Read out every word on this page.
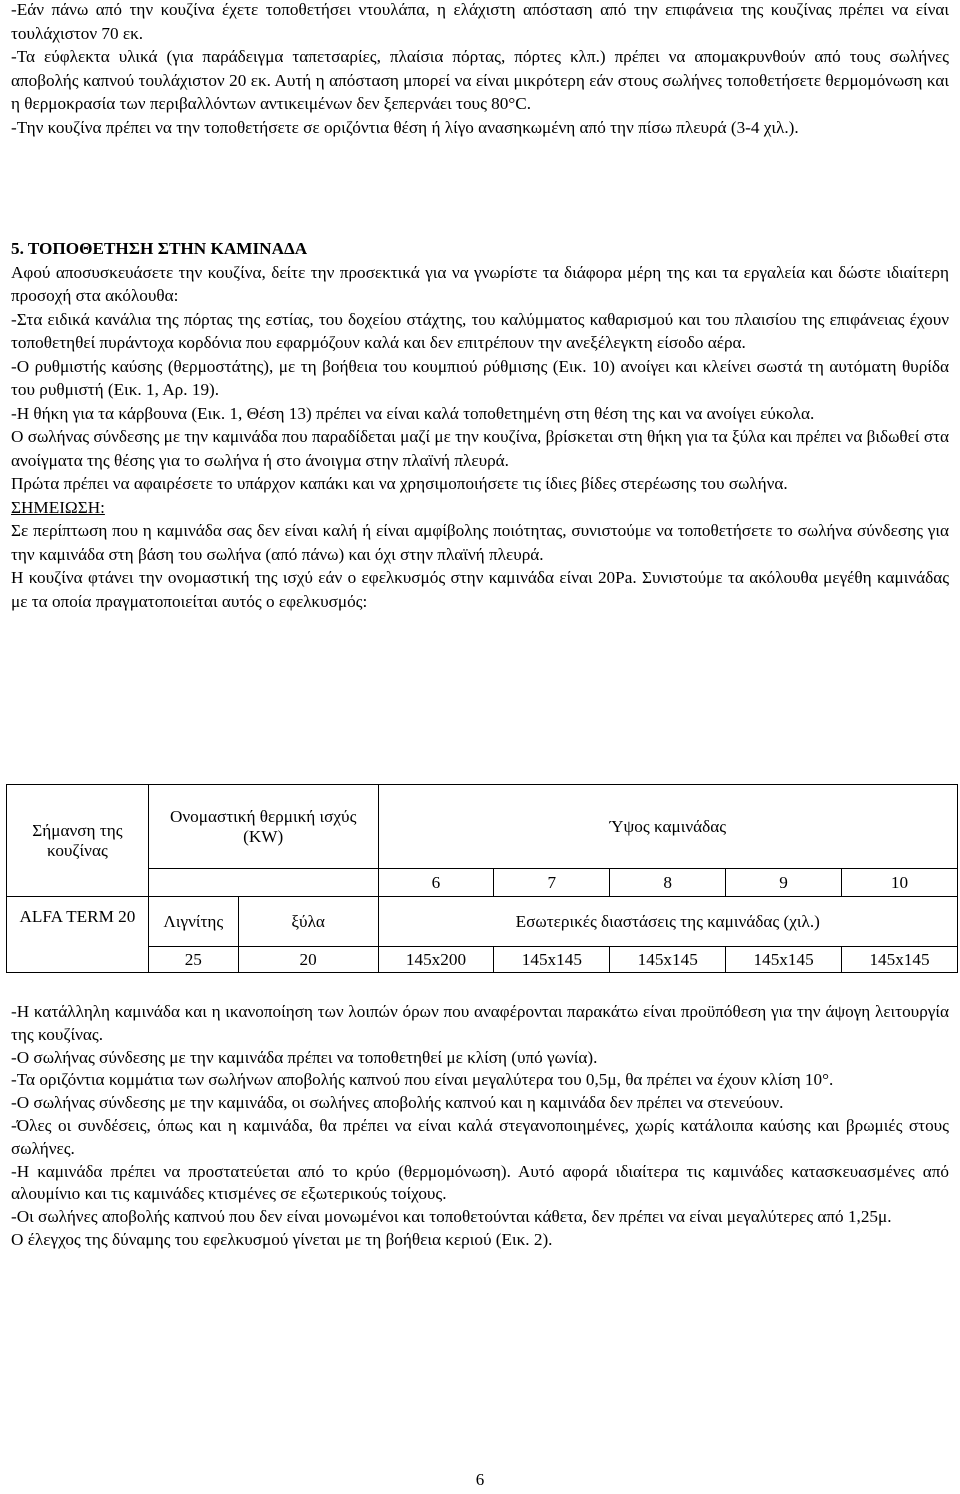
-Εάν πάνω από την κουζίνα έχετε τοποθετήσει ντουλάπα, η ελάχιστη απόσταση από την επιφάνεια της κουζίνας πρέπει να είναι τουλάχιστον 70 εκ.

-Τα εύφλεκτα υλικά (για παράδειγμα ταπετσαρίες, πλαίσια πόρτας, πόρτες κλπ.) πρέπει να απομακρυνθούν από τους σωλήνες αποβολής καπνού τουλάχιστον 20 εκ. Αυτή η απόσταση μπορεί να είναι μικρότερη εάν στους σωλήνες τοποθετήσετε θερμομόνωση και η θερμοκρασία των περιβαλλόντων αντικειμένων δεν ξεπερνάει τους 80°C.

-Την κουζίνα πρέπει να την τοποθετήσετε σε οριζόντια θέση ή λίγο ανασηκωμένη από την πίσω πλευρά (3-4 χιλ.).

5. ΤΟΠΟΘΕΤΗΣΗ ΣΤΗΝ ΚΑΜΙΝΑΔΑ

Αφού αποσυσκευάσετε την κουζίνα, δείτε την προσεκτικά για να γνωρίστε τα διάφορα μέρη της και τα εργαλεία και δώστε ιδιαίτερη προσοχή στα ακόλουθα:

-Στα ειδικά κανάλια της πόρτας της εστίας, του δοχείου στάχτης, του καλύμματος καθαρισμού και του πλαισίου της επιφάνειας έχουν τοποθετηθεί πυράντοχα κορδόνια που εφαρμόζουν καλά και δεν επιτρέπουν την ανεξέλεγκτη είσοδο αέρα.

-Ο ρυθμιστής καύσης (θερμοστάτης), με τη βοήθεια του κουμπιού ρύθμισης (Εικ. 10) ανοίγει και κλείνει σωστά τη αυτόματη θυρίδα του ρυθμιστή (Εικ. 1, Αρ. 19).

-Η θήκη για τα κάρβουνα (Εικ. 1, Θέση 13) πρέπει να είναι καλά τοποθετημένη στη θέση της και να ανοίγει εύκολα.

Ο σωλήνας σύνδεσης με την καμινάδα που παραδίδεται μαζί με την κουζίνα, βρίσκεται στη θήκη για τα ξύλα και πρέπει να βιδωθεί στα ανοίγματα της θέσης για το σωλήνα ή στο άνοιγμα στην πλαϊνή πλευρά.

Πρώτα πρέπει να αφαιρέσετε το υπάρχον καπάκι και να χρησιμοποιήσετε τις ίδιες βίδες στερέωσης του σωλήνα.

ΣΗΜΕΙΩΣΗ:

Σε περίπτωση που η καμινάδα σας δεν είναι καλή ή είναι αμφίβολης ποιότητας, συνιστούμε να τοποθετήσετε το σωλήνα σύνδεσης για την καμινάδα στη βάση του σωλήνα (από πάνω) και όχι στην πλαϊνή πλευρά.

Η κουζίνα φτάνει την ονομαστική της ισχύ εάν ο εφελκυσμός στην καμινάδα είναι 20Pa. Συνιστούμε τα ακόλουθα μεγέθη καμινάδας με τα οποία πραγματοποιείται αυτός ο εφελκυσμός:

Σήμανση της κουζίνας	Ονομαστική θερμική ισχύς (KW)		Ύψος καμινάδας				
			6	7	8	9	10
ALFA TERM 20	Λιγνίτης	ξύλα	Εσωτερικές διαστάσεις της καμινάδας (χιλ.)				
	25	20	145x200	145x145	145x145	145x145	145x145

-Η κατάλληλη καμινάδα και η ικανοποίηση των λοιπών όρων που αναφέρονται παρακάτω είναι προϋπόθεση για την άψογη λειτουργία της κουζίνας.

-Ο σωλήνας σύνδεσης με την καμινάδα πρέπει να τοποθετηθεί με κλίση (υπό γωνία).

-Τα οριζόντια κομμάτια των σωλήνων αποβολής καπνού που είναι μεγαλύτερα του 0,5μ, θα πρέπει να έχουν κλίση 10°.

-Ο σωλήνας σύνδεσης με την καμινάδα, οι σωλήνες αποβολής καπνού και η καμινάδα δεν πρέπει να στενεύουν.

-Όλες οι συνδέσεις, όπως και η καμινάδα, θα πρέπει να είναι καλά στεγανοποιημένες, χωρίς κατάλοιπα καύσης και βρωμιές στους σωλήνες.

-Η καμινάδα πρέπει να προστατεύεται από το κρύο (θερμομόνωση). Αυτό αφορά ιδιαίτερα τις καμινάδες κατασκευασμένες από αλουμίνιο και τις καμινάδες κτισμένες σε εξωτερικούς τοίχους.

-Οι σωλήνες αποβολής καπνού που δεν είναι μονωμένοι και τοποθετούνται κάθετα, δεν πρέπει να είναι μεγαλύτερες από 1,25μ.

Ο έλεγχος της δύναμης του εφελκυσμού γίνεται με τη βοήθεια κεριού (Εικ. 2).

6
